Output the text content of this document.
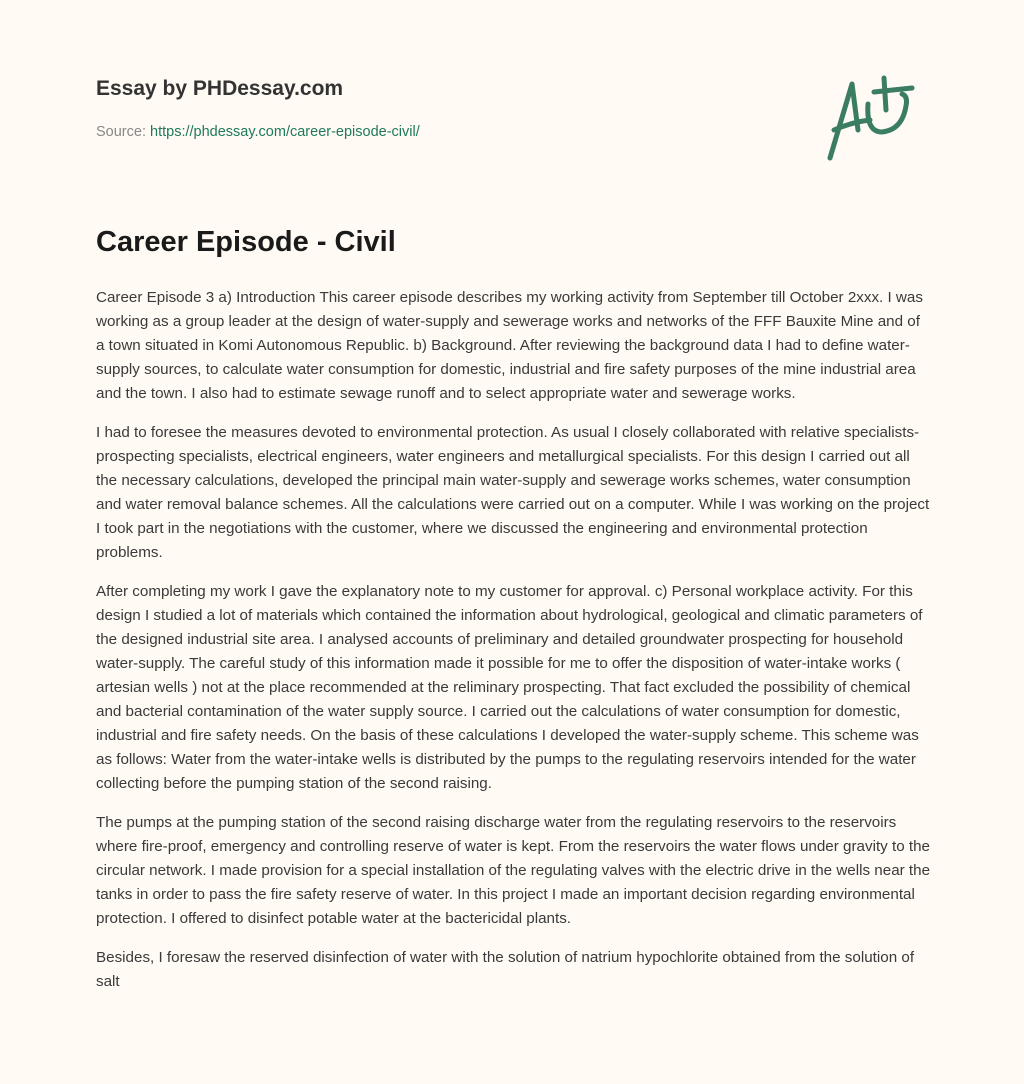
Essay by PHDessay.com
Source: https://phdessay.com/career-episode-civil/
Career Episode - Civil

Career Episode 3 a) Introduction This career episode describes my working activity from September till October 2xxx. I was working as a group leader at the design of water-supply and sewerage works and networks of the FFF Bauxite Mine and of a town situated in Komi Autonomous Republic. b) Background. After reviewing the background data I had to define water-supply sources, to calculate water consumption for domestic, industrial and fire safety purposes of the mine industrial area and the town. I also had to estimate sewage runoff and to select appropriate water and sewerage works.

I had to foresee the measures devoted to environmental protection. As usual I closely collaborated with relative specialists- prospecting specialists, electrical engineers, water engineers and metallurgical specialists. For this design I carried out all the necessary calculations, developed the principal main water-supply and sewerage works schemes, water consumption and water removal balance schemes. All the calculations were carried out on a computer. While I was working on the project I took part in the negotiations with the customer, where we discussed the engineering and environmental protection problems.

After completing my work I gave the explanatory note to my customer for approval. c) Personal workplace activity. For this design I studied a lot of materials which contained the information about hydrological, geological and climatic parameters of the designed industrial site area. I analysed accounts of preliminary and detailed groundwater prospecting for household water-supply. The careful study of this information made it possible for me to offer the disposition of water-intake works ( artesian wells ) not at the place recommended at the reliminary prospecting. That fact excluded the possibility of chemical and bacterial contamination of the water supply source. I carried out the calculations of water consumption for domestic, industrial and fire safety needs. On the basis of these calculations I developed the water-supply scheme. This scheme was as follows: Water from the water-intake wells is distributed by the pumps to the regulating reservoirs intended for the water collecting before the pumping station of the second raising.

The pumps at the pumping station of the second raising discharge water from the regulating reservoirs to the reservoirs where fire-proof, emergency and controlling reserve of water is kept. From the reservoirs the water flows under gravity to the circular network. I made provision for a special installation of the regulating valves with the electric drive in the wells near the tanks in order to pass the fire safety reserve of water. In this project I made an important decision regarding environmental protection. I offered to disinfect potable water at the bactericidal plants.

Besides, I foresaw the reserved disinfection of water with the solution of natrium hypochlorite obtained from the solution of salt
